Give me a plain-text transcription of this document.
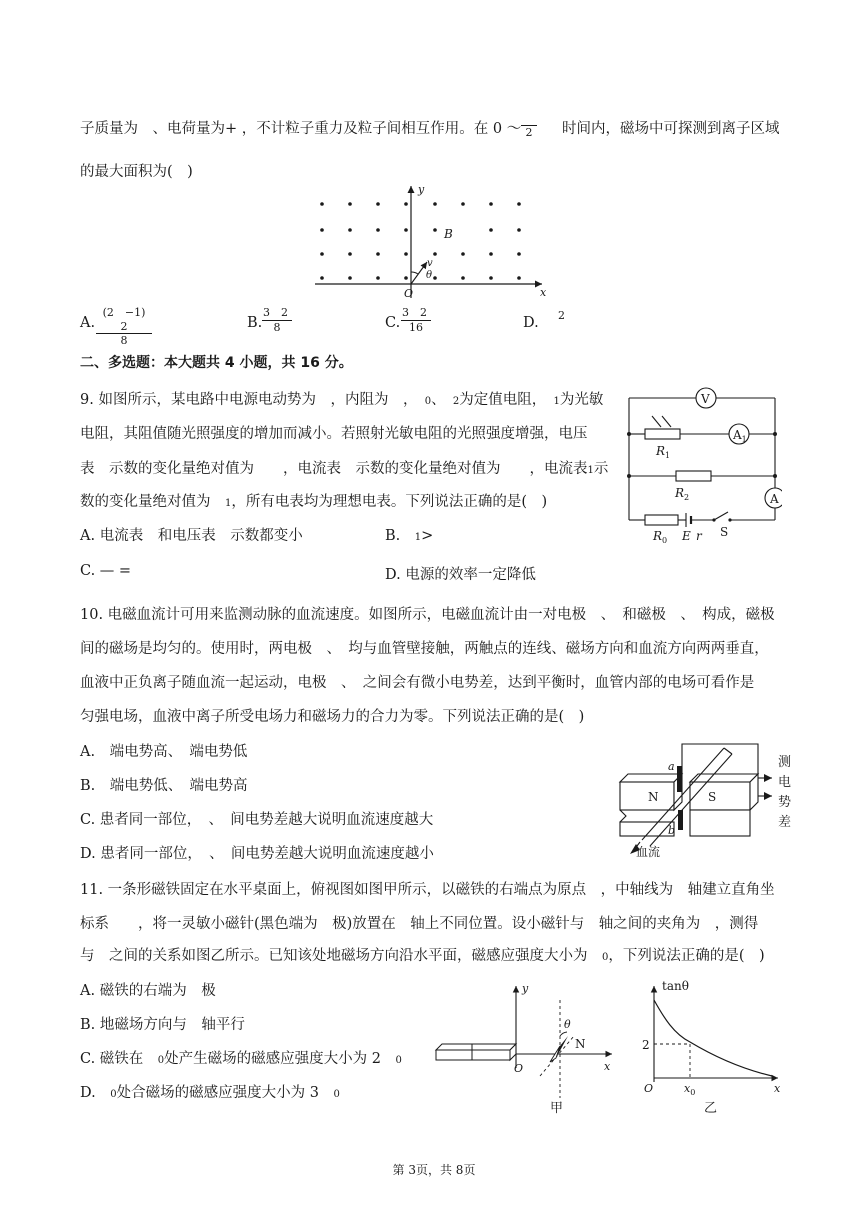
子质量为　、电荷量为+ ，不计粒子重力及粒子间相互作用。在 0 ～ 2	时间内，磁场中可探测到离子区域
的最大面积为(　)
y
x
O
B
v
θ
A. $\frac{(2 -1) 2}{8}$	B. $\frac{3 2}{8}$	C. $\frac{3 2}{16}$	D. 2
二、多选题：本大题共 4 小题，共 16 分。
9. 如图所示，某电路中电源电动势为　，内阻为　，　0、　2为定值电阻，　1为光敏
电阻，其阻值随光照强度的增加而减小。若照射光敏电阻的光照强度增强，电压
表　示数的变化量绝对值为　　，电流表　示数的变化量绝对值为　　，电流表1示
数的变化量绝对值为　1，所有电表均为理想电表。下列说法正确的是(　)
A. 电流表　和电压表　示数都变小	B.　1>
C. — =	D. 电源的效率一定降低
V
$A_1$
A
$R_1$
$R_2$
$R_0$ E r S
10. 电磁血流计可用来监测动脉的血流速度。如图所示，电磁血流计由一对电极　、　和磁极　、　构成，磁极
间的磁场是均匀的。使用时，两电极　、　均与血管壁接触，两触点的连线、磁场方向和血流方向两两垂直，
血液中正负离子随血流一起运动，电极　、　之间会有微小电势差，达到平衡时，血管内部的电场可看作是
匀强电场，血液中离子所受电场力和磁场力的合力为零。下列说法正确的是(　)
A.　端电势高、　端电势低
B.　端电势低、　端电势高
C. 患者同一部位，　、　间电势差越大说明血流速度越大
D. 患者同一部位，　、　间电势差越大说明血流速度越小
a
b
N	S
血流
测
电
势
差
11. 一条形磁铁固定在水平桌面上，俯视图如图甲所示，以磁铁的右端点为原点　，中轴线为　轴建立直角坐
标系　　，将一灵敏小磁针(黑色端为　极)放置在　轴上不同位置。设小磁针与　轴之间的夹角为　，测得
与　之间的关系如图乙所示。已知该处地磁场方向沿水平面，磁感应强度大小为　0，下列说法正确的是(　)
A. 磁铁的右端为　极
B. 地磁场方向与　轴平行
C. 磁铁在　0处产生磁场的磁感应强度大小为 2　0
D.　0处合磁场的磁感应强度大小为 3　0
y
x
O
θ
N
甲
tanθ
2
O	$x_0$	x
乙
第 3页，共 8页
